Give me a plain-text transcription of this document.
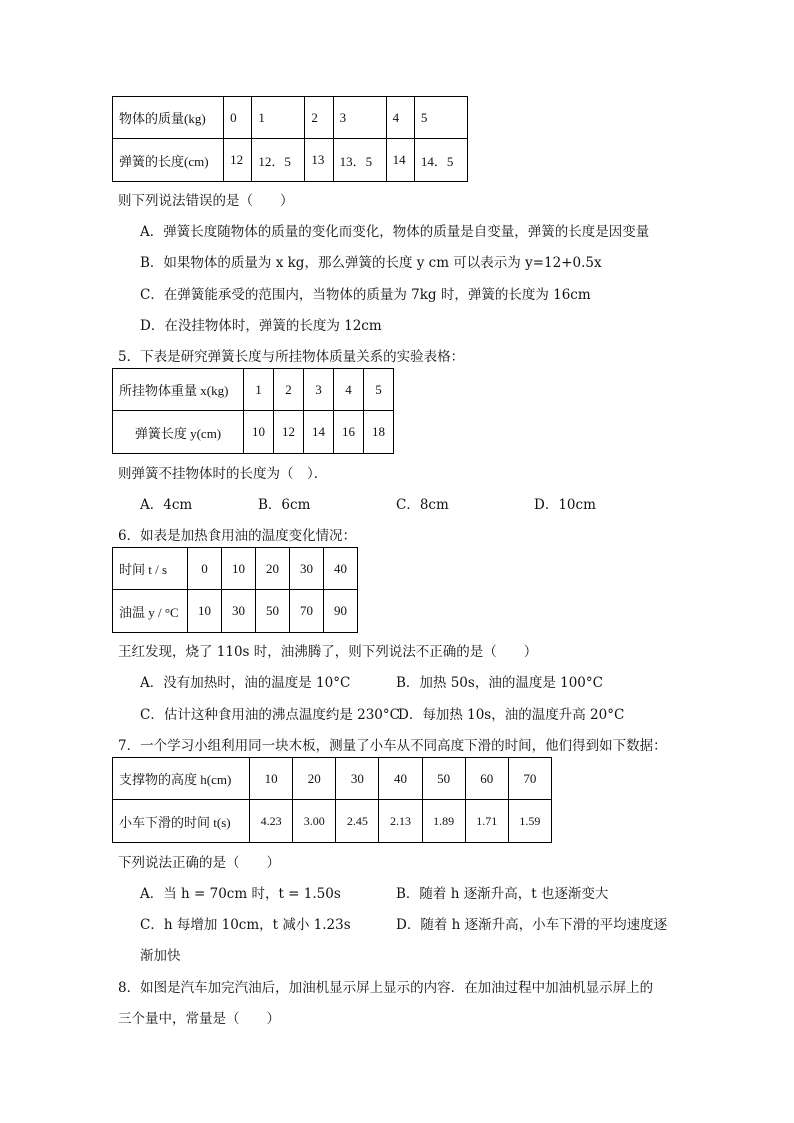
物体的质量(kg)	0	1	2	3	4	5
弹簧的长度(cm)	12	12．5	13	13．5	14	14．5
则下列说法错误的是（　　）
A．弹簧长度随物体的质量的变化而变化，物体的质量是自变量，弹簧的长度是因变量
B．如果物体的质量为 x kg，那么弹簧的长度 y cm 可以表示为 y=12+0.5x
C．在弹簧能承受的范围内，当物体的质量为 7kg 时，弹簧的长度为 16cm
D．在没挂物体时，弹簧的长度为 12cm
5．下表是研究弹簧长度与所挂物体质量关系的实验表格：
所挂物体重量 x(kg)	1	2	3	4	5
弹簧长度 y(cm)	10	12	14	16	18
则弹簧不挂物体时的长度为（　）．
A．4cm	B．6cm	C．8cm	D．10cm
6．如表是加热食用油的温度变化情况：
时间 t / s	0	10	20	30	40
油温 y / °C	10	30	50	70	90
王红发现，烧了 110s 时，油沸腾了，则下列说法不正确的是（　　）
A．没有加热时，油的温度是 10°C	B．加热 50s，油的温度是 100°C
C．估计这种食用油的沸点温度约是 230°C
D．每加热 10s，油的温度升高 20°C
7．一个学习小组利用同一块木板，测量了小车从不同高度下滑的时间，他们得到如下数据：
支撑物的高度 h(cm)	10	20	30	40	50	60	70
小车下滑的时间 t(s)	4.23	3.00	2.45	2.13	1.89	1.71	1.59
下列说法正确的是（　　）
A．当 h = 70cm 时，t = 1.50s	B．随着 h 逐渐升高，t 也逐渐变大
C．h 每增加 10cm，t 减小 1.23s	D．随着 h 逐渐升高，小车下滑的平均速度逐
渐加快
8．如图是汽车加完汽油后，加油机显示屏上显示的内容．在加油过程中加油机显示屏上的
三个量中，常量是（　　）
